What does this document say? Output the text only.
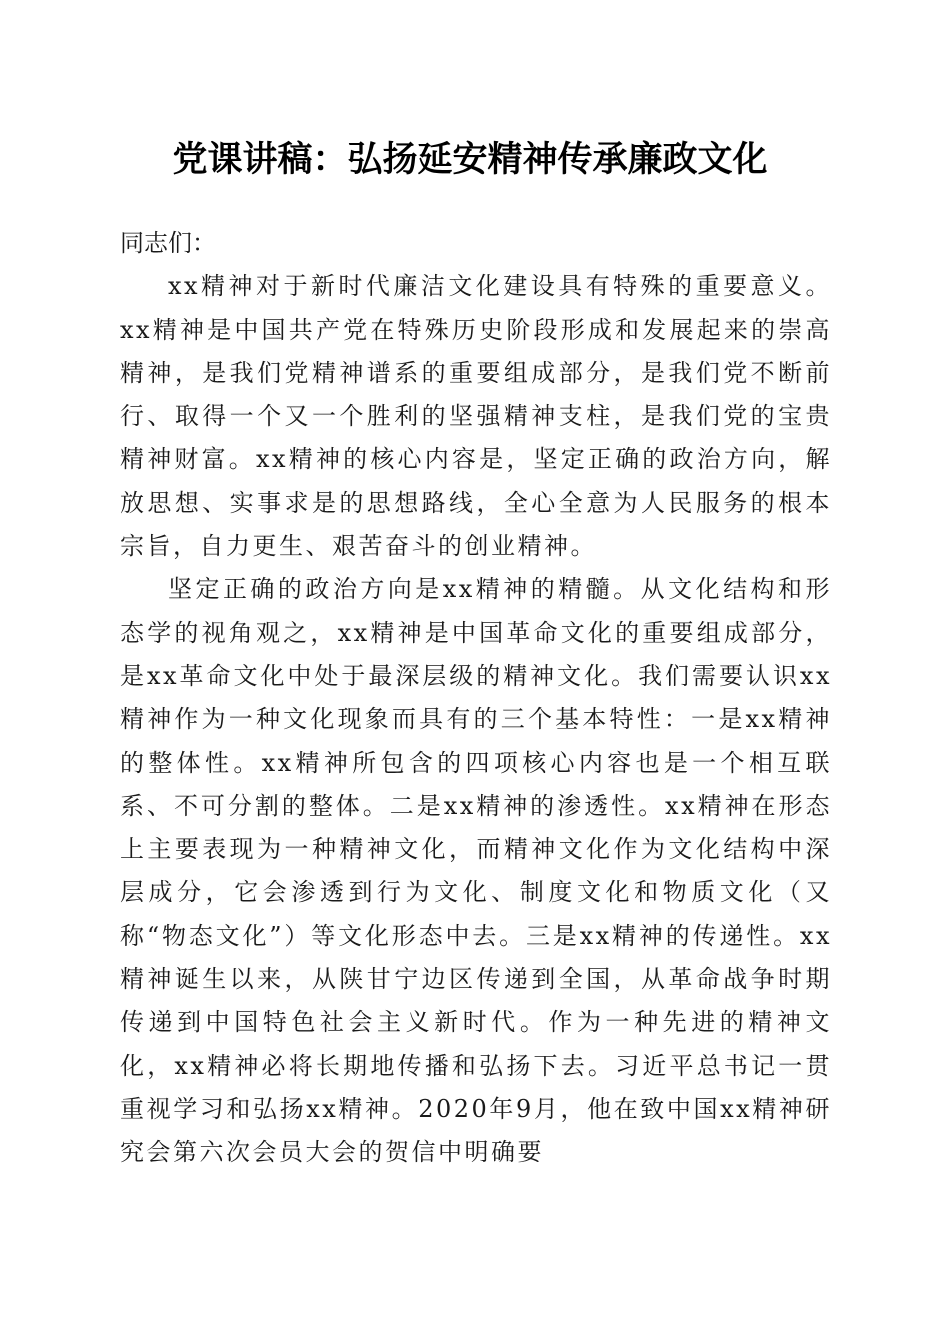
党课讲稿：弘扬延安精神传承廉政文化

同志们：

xx精神对于新时代廉洁文化建设具有特殊的重要意义。xx精神是中国共产党在特殊历史阶段形成和发展起来的崇高精神，是我们党精神谱系的重要组成部分，是我们党不断前行、取得一个又一个胜利的坚强精神支柱，是我们党的宝贵精神财富。xx精神的核心内容是，坚定正确的政治方向，解放思想、实事求是的思想路线，全心全意为人民服务的根本宗旨，自力更生、艰苦奋斗的创业精神。

坚定正确的政治方向是xx精神的精髓。从文化结构和形态学的视角观之，xx精神是中国革命文化的重要组成部分，是xx革命文化中处于最深层级的精神文化。我们需要认识xx精神作为一种文化现象而具有的三个基本特性：一是xx精神的整体性。xx精神所包含的四项核心内容也是一个相互联系、不可分割的整体。二是xx精神的渗透性。xx精神在形态上主要表现为一种精神文化，而精神文化作为文化结构中深层成分，它会渗透到行为文化、制度文化和物质文化（又称“物态文化”）等文化形态中去。三是xx精神的传递性。xx精神诞生以来，从陕甘宁边区传递到全国，从革命战争时期传递到中国特色社会主义新时代。作为一种先进的精神文化，xx精神必将长期地传播和弘扬下去。习近平总书记一贯重视学习和弘扬xx精神。2020年9月，他在致中国xx精神研究会第六次会员大会的贺信中明确要
